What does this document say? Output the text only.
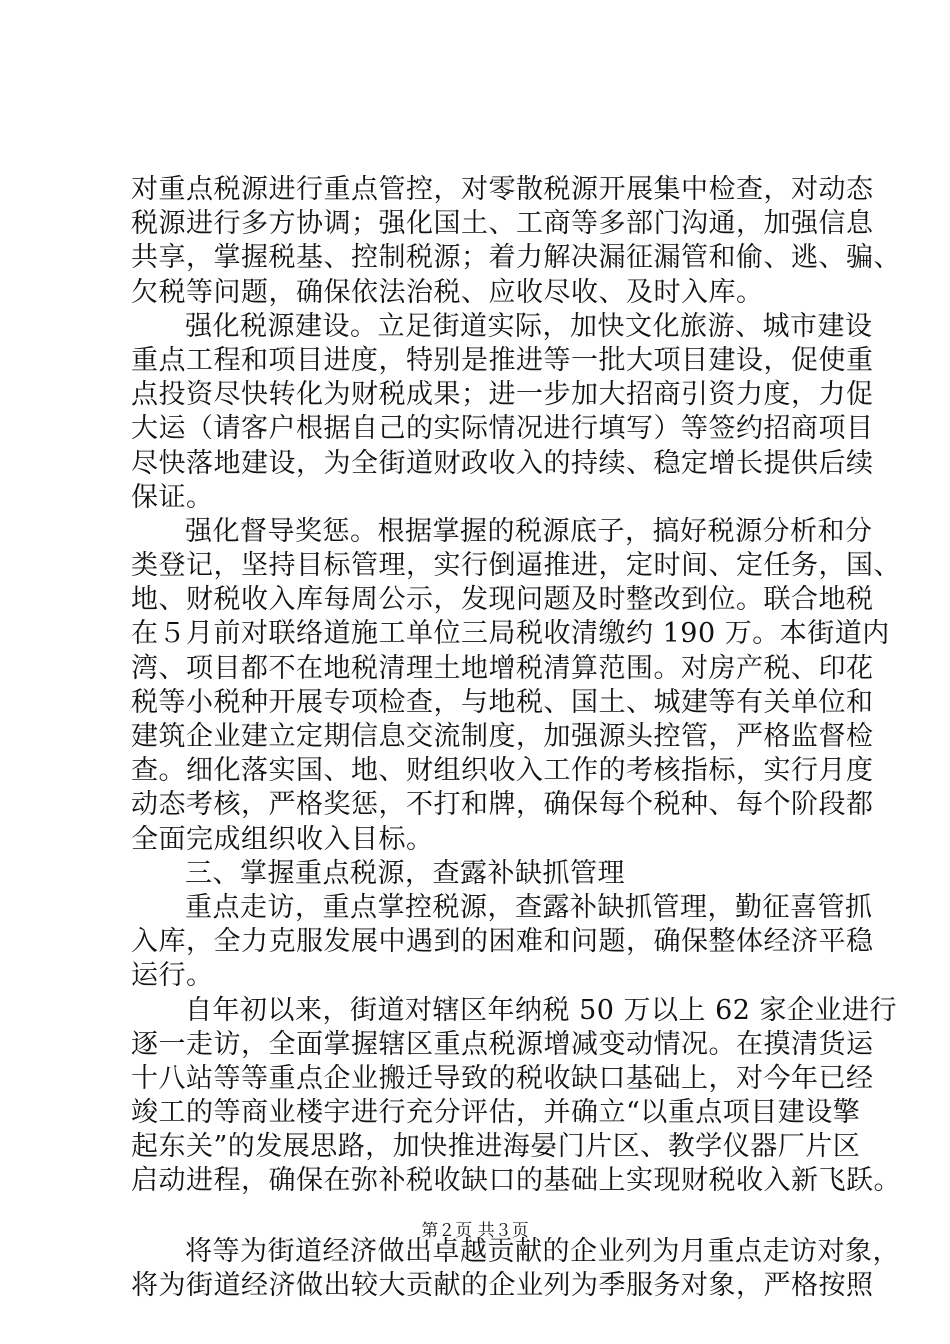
对重点税源进行重点管控，对零散税源开展集中检查，对动态
税源进行多方协调；强化国土、工商等多部门沟通，加强信息
共享，掌握税基、控制税源；着力解决漏征漏管和偷、逃、骗、
欠税等问题，确保依法治税、应收尽收、及时入库。
强化税源建设。立足街道实际，加快文化旅游、城市建设
重点工程和项目进度，特别是推进等一批大项目建设，促使重
点投资尽快转化为财税成果；进一步加大招商引资力度，力促
大运（请客户根据自己的实际情况进行填写）等签约招商项目
尽快落地建设，为全街道财政收入的持续、稳定增长提供后续
保证。
强化督导奖惩。根据掌握的税源底子，搞好税源分析和分
类登记，坚持目标管理，实行倒逼推进，定时间、定任务，国、
地、财税收入库每周公示，发现问题及时整改到位。联合地税
在５月前对联络道施工单位三局税收清缴约 190 万。本街道内
湾、项目都不在地税清理土地增税清算范围。对房产税、印花
税等小税种开展专项检查，与地税、国土、城建等有关单位和
建筑企业建立定期信息交流制度，加强源头控管，严格监督检
查。细化落实国、地、财组织收入工作的考核指标，实行月度
动态考核，严格奖惩，不打和牌，确保每个税种、每个阶段都
全面完成组织收入目标。
三、掌握重点税源，查露补缺抓管理
重点走访，重点掌控税源，查露补缺抓管理，勤征喜管抓
入库，全力克服发展中遇到的困难和问题，确保整体经济平稳
运行。
自年初以来，街道对辖区年纳税 50 万以上 62 家企业进行
逐一走访，全面掌握辖区重点税源增减变动情况。在摸清货运
十八站等等重点企业搬迁导致的税收缺口基础上，对今年已经
竣工的等商业楼宇进行充分评估，并确立“以重点项目建设擎
起东关”的发展思路，加快推进海晏门片区、教学仪器厂片区
启动进程，确保在弥补税收缺口的基础上实现财税收入新飞跃。
将等为街道经济做出卓越贡献的企业列为月重点走访对象，
将为街道经济做出较大贡献的企业列为季服务对象，严格按照
第２页 共３页
